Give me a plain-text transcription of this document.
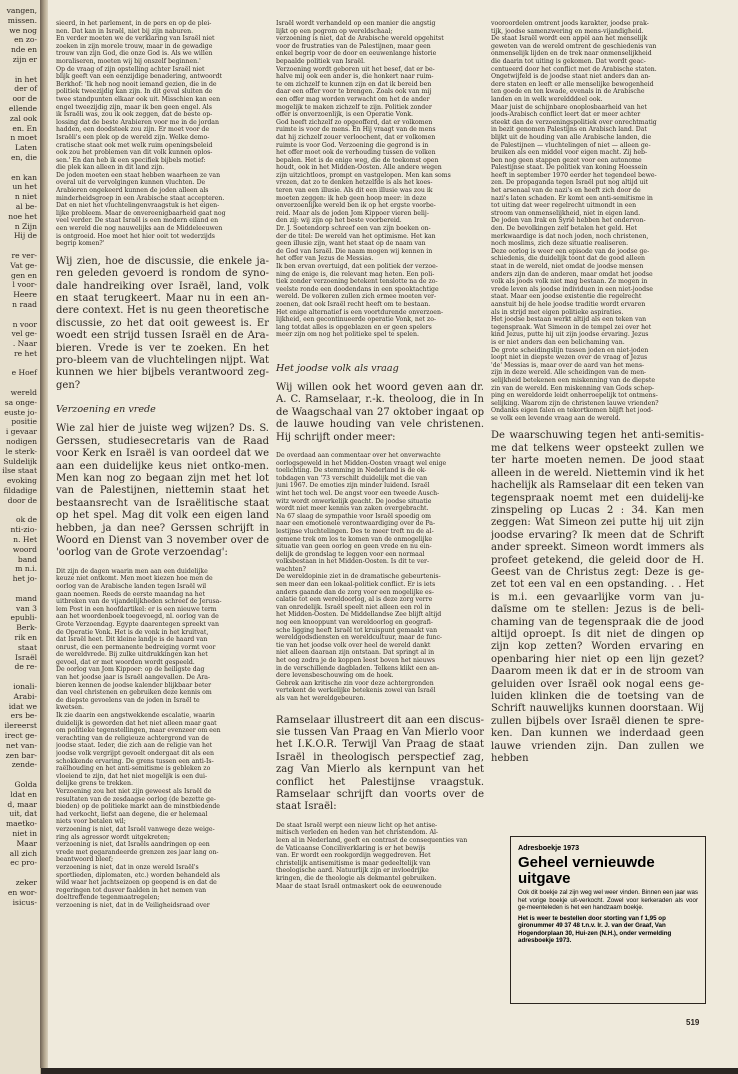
vangen,
missen.
we nog
en zo-
nde en
zijn er

in het
der of
oor de
ellende
zal ook
en. En
n moet
Laten
en, die

en kan
un het
n niet
al be-
noe het
n Zijn
Hij de

re ver-
Vat ge-
gen en
l voor-
Heere
n raad

n voor
vel ge-
. Naar
re het

e Hoef

wereld
sa onge-
euste jo-
positie
i gevaar
nodigen
le sterk-
Suldelijk
ilse staat
evoking
fildadige
door de

ok de
nti-zio-
n. Het
woord
band
m n.i.
het jo-

mand
van 3
epubli-
Berk-
rik en
staat
Israël
de re-

ionali-
Arabi-
idat we
ers be-
ilereerst
irect ge-
net van-
zen bar-
zende-

Golda
ldat en
d, maar
uit, dat
maetko-
niet in
Maar
all zich
ec pro-

zeker
en wor-
isicus-
sieerd, in het parlement, in de pers en op de plei-
nen. Dat kan in Israël, niet bij zijn naburen.
En verder moeten we de verklaring van Israël niet
zoeken in zijn morele trouw, maar in de gewadige
trouw van zijn God, die onze God is. Als we willen
moraliseren, moeten wij bij onszelf beginnen.'
Op de vraag of zijn opstelling achter Israël niet
blijk geeft van een eenzijdige benadering, antwoordt
Berkhof: 'Ik heb nog nooit iemand gezien, die in de
politiek tweezijdig kan zijn. In dit geval sluiten de
twee standpunten elkaar ook uit. Misschien kan een
engel tweezijdig zijn, maar ik ben geen engel. Als
ik Israëli was, zou ik ook zeggen, dat de beste op-
lossing dat de beste Arabieren voor me in de jordan
hadden, een doodsteek zou zijn. Er moet voor de
Israëli's een plek op de wereld zijn. Welke demo-
cratische staat ook met welk ruim openingsbeleid
ook zou het problemen van dit volk kunnen oplos-
sen.' En dan heb ik een specifiek bijbels motief:
die plek kan alleen in dit land zijn.
De joden moeten een staat hebben waarheen ze van
overal uit de vervolgingen kunnen vluchten. De
Arabieren ongekeerd kunnen de joden alleen als
minderheidsgroep in een Arabische staat accepteren.
Dat en niet het vluchtelingenvraagstuk is het eigen-
lijke probleem. Maar de onvereenigbaarheid gaat nog
veel verder. De staat Israël is een modern eiland en
een wereld die nog nauwelijks aan de Middeleeuwen
is ontgroeid. Hoe moet het hier ooit tot wederzijds
begrip komen?'

Wij zien, hoe de discussie, die enkele ja-ren geleden gevoerd is rondom de syno-dale handreiking over Israël, land, volk en staat terugkeert. Maar nu in een an-dere context. Het is nu geen theoretische discussie, zo het dat ooit geweest is. Er woedt een strijd tussen Israël en de Ara-bieren. Vrede is ver te zoeken. En het pro-bleem van de vluchtelingen nijpt. Wat kunnen we hier bijbels verantwoord zeg-gen?

Verzoening en vrede

Wie zal hier de juiste weg wijzen? Ds. S. Gerssen, studiesecretaris van de Raad voor Kerk en Israël is van oordeel dat we aan een duidelijke keus niet ontko-men. Men kan nog zo begaan zijn met het lot van de Palestijnen, niettemin staat het bestaansrecht van de Israëlitische staat op het spel. Mag dit volk een eigen land hebben, ja dan nee? Gerssen schrijft in Woord en Dienst van 3 november over de 'oorlog van de Grote verzoendag':

Dit zijn de dagen waarin men aan een duidelijke
keuze niet ontkomt. Men moet kiezen hoe men de
oorlog van de Arabische landen tegen Israël wil
gaan noemen. Reeds de eerste maandag na het
uitbreken van de vijandelijkheden schreef de Jerusa-
lem Post in een hoofdartikel: er is een nieuwe term
aan het woordenboek toegevoegd, nl. oorlog van de
Grote Verzoendag. Egypte daarentegen spreekt van
de Operatie Vonk. Het is de vonk in het kruitvat,
dat Israël heet. Dit kleine landje is de haard van
onrust, die een permanente bedreiging vormt voor
de wereldvrede. Bij zulke uitdrukkingen kan het
gevoel, dat er met woorden wordt gespeeld.
De oorlog van Jom Kippoer: op de heiligste dag
van het joodse jaar is Israël aangevallen. De Ara-
bieren kennen de joodse kalender blijkbaar beter
dan veel christenen en gebruiken deze kennis om
de diepste gevoelens van de joden in Israël te
kwetsen.
Ik zie daarin een angstwekkende escalatie, waarin
duidelijk is geworden dat het niet alleen maar gaat
om politieke tegenstellingen, maar evenzeer om een
verachting van de religieuze achtergrond van de
joodse staat. Ieder, die zich aan de religie van het
joodse volk vergrijpt gevoelt ondergaat dit als een
schokkende ervaring. De grens tussen een anti-Is-
raëlhouding en het anti-semitisme is gebleken zo
vloeiend te zijn, dat het niet mogelijk is een dui-
delijke grens te trekken.
Verzoening zou het niet zijn geweest als Israël de
resultaten van de zesdaagse oorlog (de bezette ge-
bieden) op de politieke markt aan de minstbiedende
had verkocht, liefst aan degene, die er helemaal
niets voor betalen wil;
verzoening is niet, dat Israël vanwege deze weige-
ring als agressor wordt uitgekreten;
verzoening is niet, dat Israëls aandringen op een
vrede met gegarandeerde grenzen zes jaar lang on-
beantwoord bleef;
verzoening is niet, dat in onze wereld Israël's
sportlieden, diplomaten, etc.) worden behandeld als
wild waar het jachtseizoen op geopend is en dat de
regeringen tot dusver faalden in het nemen van
doeltreffende tegenmaatregelen;
verzoening is niet, dat in de Veiligheidsraad over
Israël wordt verhandeld op een manier die angstig
lijkt op een pogrom op wereldschaal;
verzoening is niet, dat de Arabische wereld opgehitst
voor de frustraties van de Palestijnen, maar geen
enkel begrip voor de door en eeuwenlange historie
bepaalde politiek van Israël.
Verzoening wordt geboren uit het besef, dat er be-
halve mij ook een ander is, die honkert naar ruim-
te om zichzelf te kunnen zijn en dat ik bereid ben
daar een offer voor te brengen. Zoals ook van mij
een offer mag worden verwacht om het de ander
mogelijk te maken zichzelf te zijn. Politiek zonder
offer is onverzoenlijk, is een Operatie Vonk.
God heeft zichzelf zo opgeofferd, dat er volkomen
ruimte is voor de mens. En Hij vraagt van de mens
dat hij zichzelf zouer verloochent, dat er volkomen
ruimte is voor God. Verzoening die gegrond is in
het offer moet ook de verhouding tussen de volken
bepalen. Het is de enige weg, die de toekomst open
houdt, ook in het Midden-Oosten. Alle andere wegen
zijn uitzichtloos, prompt en vastgelopen. Men kan soms
vrezen, dat zo te denken hetzelfde is als het koes-
teren van een illusie. Als dit een illusie was zou ik
moeten zeggen: ik heb geen hoop meer: in deze
onverzoenlijke wereld ben ik op het ergste voorbe-
reid. Maar als de joden Jom Kippoer vieren belij-
den zij: wij zijn op het beste voorbereid.
Dr. J. Soetendorp schreef een van zijn boeken on-
der de titel: De wereld van het optimisme. Het kan
geen illusie zijn, want het staat op de naam van
de God van Israël. Die naam mogen wij kennen in
het offer van Jezus de Messias.
Ik ben ervan overtuigd, dat een politiek der verzoe-
ning de enige is, die relevant mag heten. Een poli-
tiek zonder verzoening betekent tenslotte na de zo-
veelste ronde een doodendans in een spooktachtige
wereld. De volkeren zullen zich ermee moeten ver-
zoenen, dat ook Israël recht heeft om te bestaan.
Het enige alternatief is een voortdurende onverzoen-
lijkheid, een gecontinueerde operatie Vonk, net zo-
lang totdat alles is opgeblazen en er geen spelers
meer zijn om nog het politieke spel te spelen.

Het joodse volk als vraag

Wij willen ook het woord geven aan dr. A. C. Ramselaar, r.-k. theoloog, die in In de Waagschaal van 27 oktober ingaat op de lauwe houding van vele christenen. Hij schrijft onder meer:

De overdaad aan commentaar over het onverwachte
oorlogsgeweld in het Midden-Oosten vraagt wel enige
toelichting. De stemming in Nederland is de ok-
tobdagen van '73 verschilt duidelijk met die van
juni 1967. De emoties zijn minder luidend. Israël
wint het toch wel. De angst voor een tweede Ausch-
witz wordt onwerkelijk geacht. De joodse situatie
wordt niet meer kennis van zaken overgebracht.
Na 67 slaag de sympathie voor Israël spoedig om
naar een emotionele verontwaardiging over de Pa-
lestijnse vluchtelingen. Des te meer treft nu de al-
gemene trek om los te komen van de onmogelijke
situatie van geen oorlog en geen vrede en nu ein-
delijk de grondslag te leggen voor een normaal
volksbestaan in het Midden-Oosten. Is dit te ver-
wachten?
De wereldopinie ziet in de dramatische gebeurtenis-
sen meer dan een lokaal-politiek conflict. Er is iets
anders gaande dan de zorg voor een mogelijke es-
calatie tot een wereldoorlog, al is deze zorg verre
van onredelijk. Israël speelt niet alleen een rol in
het Midden-Oosten. De Middellandse Zee blijft altijd
nog een knooppunt van wereldoorlog en geografi-
sche ligging heeft Israël tot kruispunt gemaakt van
wereldgodsdiensten en wereldcultuur, maar de func-
tie van het joodse volk over heel de wereld dankt
niet alleen daaraan zijn ontstaan. Dat springt al in
het oog zodra je de koppen leest boven het nieuws
in de verschillende dagbladen. Telkens klikt een an-
dere levensbeschouwing om de hoek.
Gebrek aan kritische zin voor deze achtergronden
vertekent de werkelijke betekenis zowel van Israël
als van het wereldgebeuren.

Ramselaar illustreert dit aan een discus-sie tussen Van Praag en Van Mierlo voor het I.K.O.R. Terwijl Van Praag de staat Israël in theologisch perspectief zag, zag Van Mierlo als kernpunt van het conflict het Palestijnse vraagstuk. Ramselaar schrijft dan voorts over de staat Israël:

De staat Israël werpt een nieuw licht op het antise-
mitisch verleden en heden van het christendom. Al-
leen al in Nederland, geeft en contrast de consequenties van
de Vaticaanse Conciliverklaring is er het bewijs
van. Er wordt een rookgordijn weggedreven. Het
christelijk antisemitisme is maar gedeeltelijk van
theologische aard. Natuurlijk zijn er invloedrijke
kringen, die de theologie als dekmantel gebruiken.
Maar de staat Israël ontmaskert ook de eeuwenoude
vooroordelen omtrent joods karakter, joodse prak-
tijk, joodse samenzwering en mens-vijandigheid.
De staat Israël wordt een appèl aan het menselijk
geweten van de wereld omtrent de geschiedenis van
onmenselijk lijden en de trek naar onmenselijkheid
die daarin tot uiting is gekomen. Dat wordt geac-
centueerd door het conflict met de Arabische staten.
Ongetwijfeld is de joodse staat niet anders dan an-
dere staten en leeft er alle menselijke bewogenheid
ten goede en ten kwade, evenals in de Arabische
landen en in welk wereldddeel ook.
Maar juist de schijnbare onoplosbaarheid van het
joods-Arabisch conflict leert dat er meer achter
steekt dan de verzoeningspolitiek over onrechtmatig
in bezit genomen Palestijns en Arabisch land. Dat
blijkt uit de houding van alle Arabische landen, die
de Palestijnen — vluchtelingen of niet — alleen ge-
bruiken als een middel voor eigen macht. Zij heb-
ben nog geen stappen gezet voor een autonome
Palestijnse staat. De politiek van koning Hoessein
heeft in september 1970 eerder het tegendeel bewe-
zen. De propaganda tegen Israël put nog altijd uit
het arsenaal van de nazi's en heeft zich door de
nazi's laten schaden. Er komt een anti-semitisme in
tot uiting dat weer regelrecht uitmondt in een
stroom van onmenselijkheid, niet in eigen land.
De joden van Irak en Syrië hebben het ondervon-
den. De bevolkingen zelf betalen het geld. Het
merkwaardige is dat noch joden, noch christenen,
noch moslims, zich deze situatie realiseren.
Deze oorlog is weer een episode van de joodse ge-
schiedenis, die duidelijk toont dat de good alleen
staat in de wereld, niet omdat de joodse mensen
anders zijn dan de anderen, maar omdat het joodse
volk als joods volk niet mag bestaan. Ze mogen in
vrede leven als joodse individuen in een niet-joodse
staat. Maar een joodse existentie die regelrecht
aanstuit bij de hele joodse traditie wordt ervaren
als in strijd met eigen politieke aspiraties.
Het joodse bestaan werkt altijd als een teken van
tegenspraak. Wat Simeon in de tempel zei over het
kind Jezus, putte hij uit zijn joodse ervaring. Jezus
is er niet anders dan een belichaming van.
De grote scheidingslijn tussen joden en niet-joden
loopt niet in diepste wezen over de vraag of Jezus
'de' Messias is, maar over de aard van het mens-
zijn in deze wereld. Alle scheidingen van de men-
selijkheid betekenen een miskenning van de diepste
zin van de wereld. Een miskenning van Gods schep-
ping en wereldorde leidt onherroepelijk tot ontmens-
selijking. Waarom zijn de christenen lauwe vrienden?
Ondanks eigen falen en tekortkomen blijft het jood-
se volk een levende vraag aan de wereld.

De waarschuwing tegen het anti-semitis-me dat telkens weer opsteekt zullen we ter harte moeten nemen. De jood staat alleen in de wereld. Niettemin vind ik het hachelijk als Ramselaar dit een teken van tegenspraak noemt met een duidelij-ke zinspeling op Lucas 2 : 34. Kan men zeggen: Wat Simeon zei putte hij uit zijn joodse ervaring? Ik meen dat de Schrift ander spreekt. Simeon wordt immers als profeet getekend, die geleid door de H. Geest van de Christus zegt: Deze is ge-zet tot een val en een opstanding. . . Het is m.i. een gevaarlijke vorm van ju-daïsme om te stellen: Jezus is de beli-chaming van de tegenspraak die de jood altijd oproept. Is dit niet de dingen op zijn kop zetten? Worden ervaring en openbaring hier niet op een lijn gezet? Daarom meen ik dat er in de stroom van geluiden over Israël ook nogal eens ge-luiden klinken die de toetsing van de Schrift nauwelijks kunnen doorstaan. Wij zullen bijbels over Israël dienen te spre-ken. Dan kunnen we inderdaad geen lauwe vrienden zijn. Dan zullen we hebben

Adresboekje 1973

Geheel vernieuwde uitgave

Ook dit boekje zal zijn weg wel weer vinden. Binnen een jaar was het vorige boekje uit-verkocht. Zowel voor kerkeraden als voor ge-meenteleden is het een handzaam boekje.

Het is weer te bestellen door storting van f 1,95 op gironummer 49 37 48 t.n.v. Ir. J. van der Graaf, Van Hogendorplaan 30, Hui-zen (N.H.), onder vermelding adresboekje 1973.

519
